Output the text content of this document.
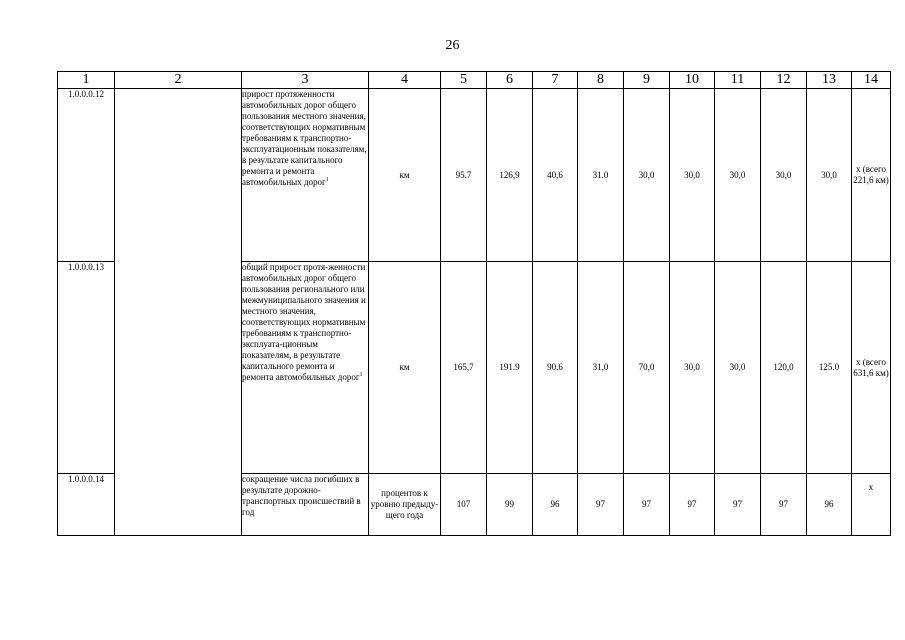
26
1	2	3	4	5	6	7	8	9	10	11	12	13	14
1.0.0.0.12		прирост протяженности автомобильных дорог общего пользования местного значения, соответствующих нормативным требованиям к транспортно-эксплуатационным показателям, в результате капитального ремонта и ремонта автомобильных дорог$^1$	км	95.7	126,9	40,6	31.0	30,0	30,0	30,0	30,0	30,0	х (всего 221,6 км)
1.0.0.0.13		общий прирост протя-женности автомобильных дорог общего пользования регионального или межмуниципального значения и местного значения, соответствующих нормативным требованиям к транспортно-эксплуата-ционным показателям, в результате капитального ремонта и ремонта автомобильных дорог$^1$	км	165,7	191.9	90.6	31,0	70,0	30,0	30,0	120,0	125.0	х (всего 631,6 км)
1.0.0.0.14		сокращение числа погибших в результате дорожно-транспортных происшествий в год	процентов к уровню предыду-щего года	107	99	96	97	97	97	97	97	96	х
